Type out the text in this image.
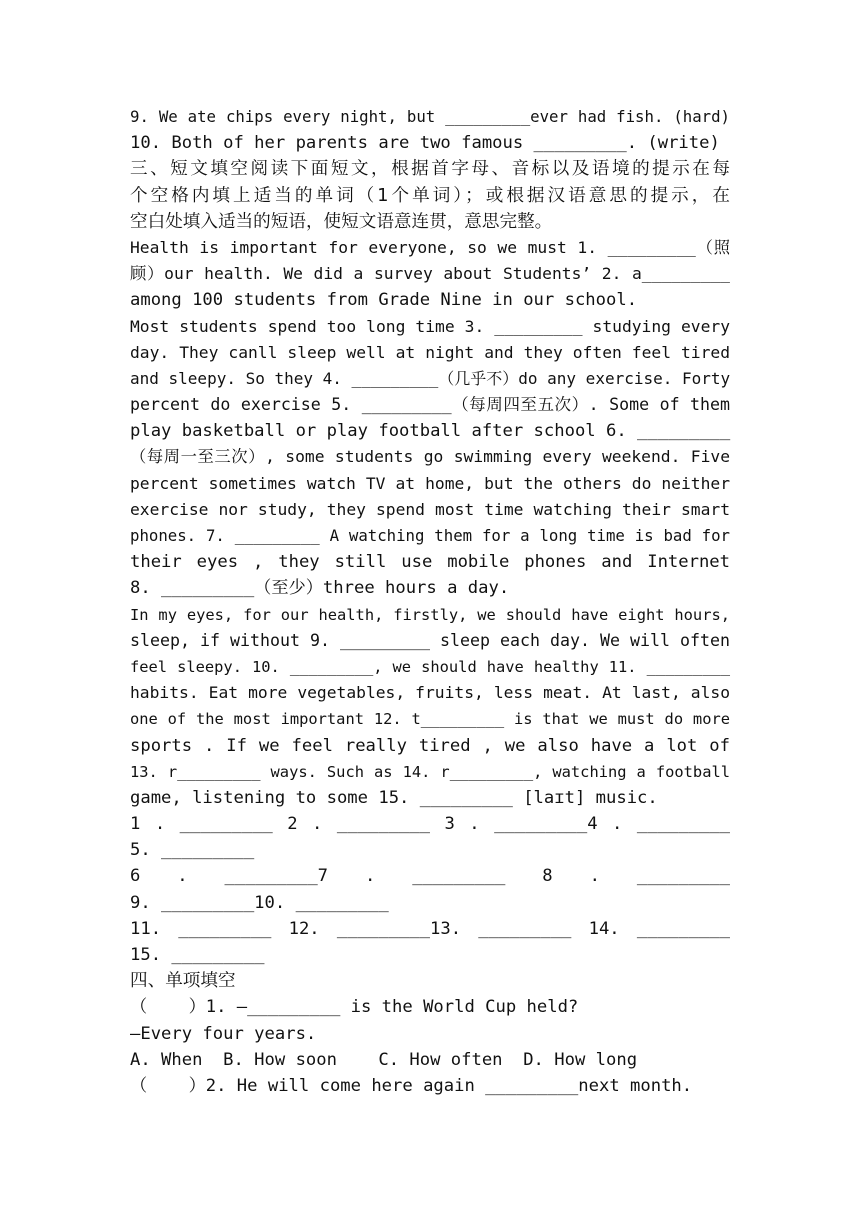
9. We ate chips every night, but _________ever had fish. (hard)
10. Both of her parents are two famous _________. (write)
三、短文填空阅读下面短文，根据首字母、音标以及语境的提示在每
个空格内填上适当的单词（1个单词）；或根据汉语意思的提示，在
空白处填入适当的短语，使短文语意连贯，意思完整。
Health is important for everyone, so we must 1. _________（照
顾）our health. We did a survey about Students’ 2. a_________
among 100 students from Grade Nine in our school.
Most students spend too long time 3. _________ studying every
day. They canll sleep well at night and they often feel tired
and sleepy. So they 4. _________（几乎不）do any exercise. Forty
percent do exercise 5. _________（每周四至五次）. Some of them
play basketball or play football after school 6. _________
（每周一至三次）, some students go swimming every weekend. Five
percent sometimes watch TV at home, but the others do neither
exercise nor study, they spend most time watching their smart
phones. 7. _________ A watching them for a long time is bad for
their eyes , they still use mobile phones and Internet
8. _________（至少）three hours a day.
In my eyes, for our health, firstly, we should have eight hours,
sleep, if without 9. _________ sleep each day. We will often
feel sleepy. 10. _________, we should have healthy 11. _________
habits. Eat more vegetables, fruits, less meat. At last, also
one of the most important 12. t_________ is that we must do more
sports . If we feel really tired , we also have a lot of
13. r_________ ways. Such as 14. r_________, watching a football
game, listening to some 15. _________ [laɪt] music.
1 . _________ 2 . _________ 3 . _________4 . _________
5. _________
6 . _________7 . _________ 8 . _________
9. _________10. _________
11. _________ 12. _________13. _________ 14. _________
15. _________
四、单项填空
（    ）1. —_________ is the World Cup held?
—Every four years.
A. When  B. How soon    C. How often  D. How long
（    ）2. He will come here again _________next month.
